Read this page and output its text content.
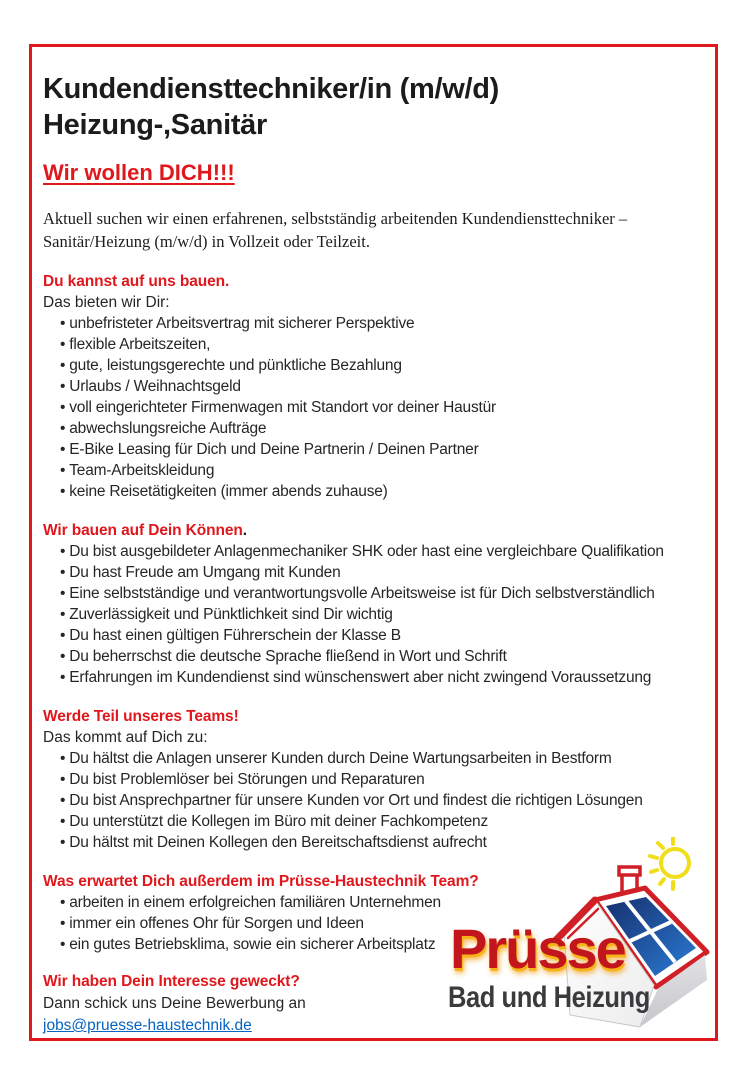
Kundendiensttechniker/in (m/w/d)
Heizung-,Sanitär
Wir wollen DICH!!!

Aktuell suchen wir einen erfahrenen, selbstständig arbeitenden Kundendiensttechniker – Sanitär/Heizung (m/w/d) in Vollzeit oder Teilzeit.

Du kannst auf uns bauen.
Das bieten wir Dir:
• unbefristeter Arbeitsvertrag mit sicherer Perspektive
• flexible Arbeitszeiten,
• gute, leistungsgerechte und pünktliche Bezahlung
• Urlaubs / Weihnachtsgeld
• voll eingerichteter Firmenwagen mit Standort vor deiner Haustür
• abwechslungsreiche Aufträge
• E-Bike Leasing für Dich und Deine Partnerin / Deinen Partner
• Team-Arbeitskleidung
• keine Reisetätigkeiten (immer abends zuhause)
Wir bauen auf Dein Können.
• Du bist ausgebildeter Anlagenmechaniker SHK oder hast eine vergleichbare Qualifikation
• Du hast Freude am Umgang mit Kunden
• Eine selbstständige und verantwortungsvolle Arbeitsweise ist für Dich selbstverständlich
• Zuverlässigkeit und Pünktlichkeit sind Dir wichtig
• Du hast einen gültigen Führerschein der Klasse B
• Du beherrschst die deutsche Sprache fließend in Wort und Schrift
• Erfahrungen im Kundendienst sind wünschenswert aber nicht zwingend Voraussetzung
Werde Teil unseres Teams!
Das kommt auf Dich zu:
• Du hältst die Anlagen unserer Kunden durch Deine Wartungsarbeiten in Bestform
• Du bist Problemlöser bei Störungen und Reparaturen
• Du bist Ansprechpartner für unsere Kunden vor Ort und findest die richtigen Lösungen
• Du unterstützt die Kollegen im Büro mit deiner Fachkompetenz
• Du hältst mit Deinen Kollegen den Bereitschaftsdienst aufrecht
Was erwartet Dich außerdem im Prüsse-Haustechnik Team?
• arbeiten in einem erfolgreichen familiären Unternehmen
• immer ein offenes Ohr für Sorgen und Ideen
• ein gutes Betriebsklima, sowie ein sicherer Arbeitsplatz
Wir haben Dein Interesse geweckt?
Dann schick uns Deine Bewerbung an
jobs@pruesse-haustechnik.de
Prüsse
Bad und Heizung
